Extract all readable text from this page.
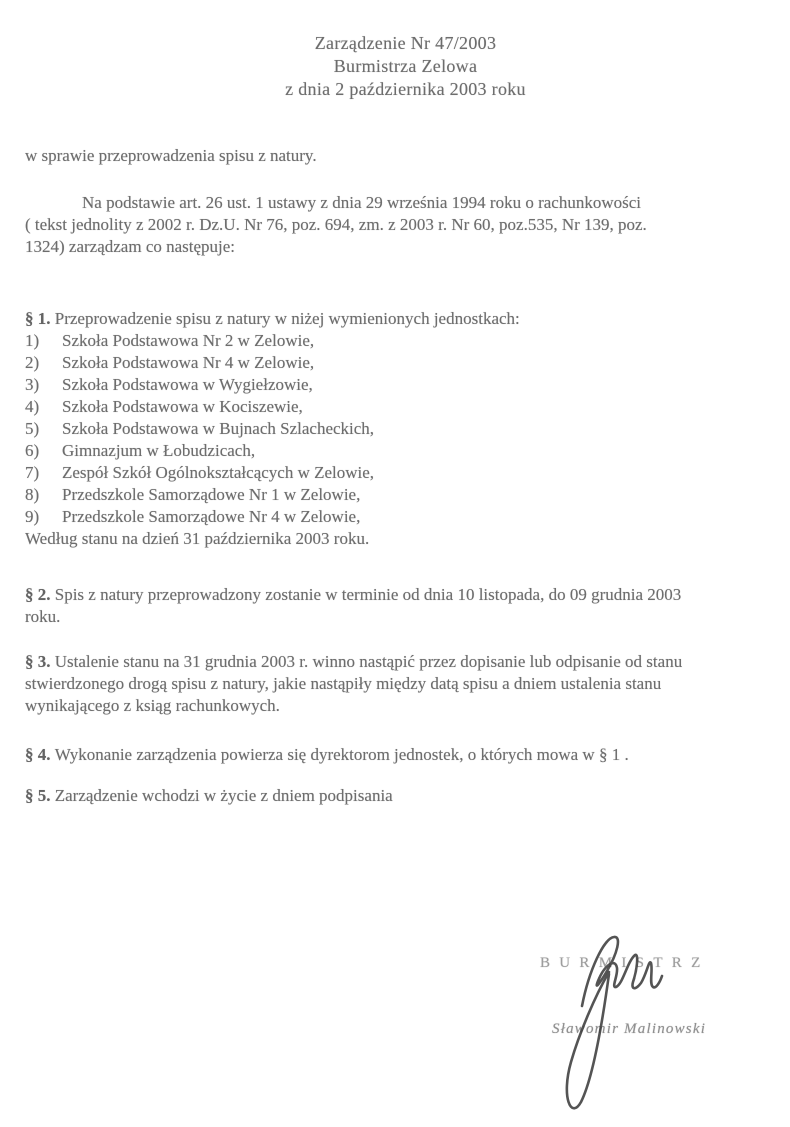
Zarządzenie Nr 47/2003
Burmistrza Zelowa
z dnia 2 października 2003 roku

w sprawie przeprowadzenia spisu z natury.

Na podstawie art. 26 ust. 1 ustawy z dnia 29 września 1994 roku o rachunkowości
( tekst jednolity z 2002 r. Dz.U. Nr 76, poz. 694, zm. z 2003 r. Nr 60, poz.535, Nr 139, poz.
1324) zarządzam co następuje:
§ 1. Przeprowadzenie spisu z natury w niżej wymienionych jednostkach:
1) Szkoła Podstawowa Nr 2 w Zelowie,
2) Szkoła Podstawowa Nr 4 w Zelowie,
3) Szkoła Podstawowa w Wygiełzowie,
4) Szkoła Podstawowa w Kociszewie,
5) Szkoła Podstawowa w Bujnach Szlacheckich,
6) Gimnazjum w Łobudzicach,
7) Zespół Szkół Ogólnokształcących w Zelowie,
8) Przedszkole Samorządowe Nr 1 w Zelowie,
9) Przedszkole Samorządowe Nr 4 w Zelowie,

Według stanu na dzień 31 października 2003 roku.

§ 2. Spis z natury przeprowadzony zostanie w terminie od dnia 10 listopada, do 09 grudnia 2003
roku.
§ 3. Ustalenie stanu na 31 grudnia 2003 r. winno nastąpić przez dopisanie lub odpisanie od stanu
stwierdzonego drogą spisu z natury, jakie nastąpiły między datą spisu a dniem ustalenia stanu
wynikającego z ksiąg rachunkowych.
§ 4. Wykonanie zarządzenia powierza się dyrektorom jednostek, o których mowa w § 1 .
§ 5. Zarządzenie wchodzi w życie z dniem podpisania
BURMISTRZ
Sławomir Malinowski
